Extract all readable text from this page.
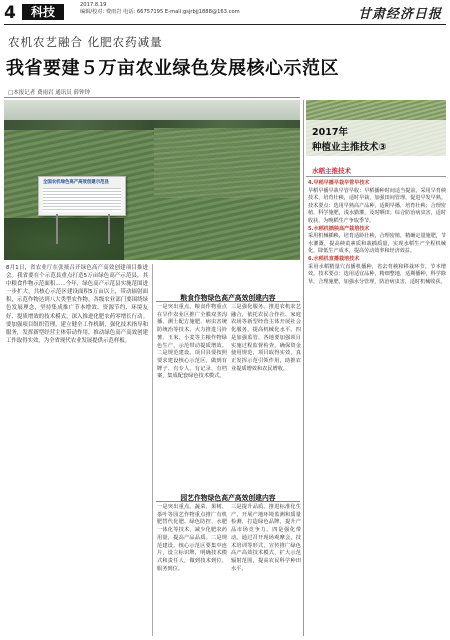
4	科技	2017.8.19
编辑/校对: 费雨岩 电话: 66757195 E-mail:gsjrbjj1888@163.com	甘肃经济日报
农机农艺融合 化肥农药减量
我省要建５万亩农业绿色发展核心示范区
□本报记者 费雨岩 通讯员 薛钟钟
全国农机绿色高产高效创建示范县
8月1日，省农业厅在张掖召开绿色高产高效创建项目推进会。我省要在个示范县重点打造5万亩绿色高产示范县，其中粮食作物示范面积......今年，绿色高产示范县实施范围进一步扩大，共核心示范区建设面积5万亩以上，带动辐射面积，示范作物达到八大类型农作物。各级农业部门要围绕绿色发展理念，坚持集成推广节本增效、资源节约、环境友好、提质增效的技术模式，深入推进化肥农药零增长行动。要加强项目组织管理，建立健全工作机制，强化技术指导和服务，发挥新型经营主体带动作用，推动绿色高产高效创建工作取得实效，为全省现代农业发展提供示范样板。
粮食作物绿色高产高效创建内容
一是突出重点。粮食作物重点在旱作农业区推广全膜双垄沟播、测土配方施肥、病虫害统防统治等技术，大力推进马铃薯、玉米、小麦等主粮作物绿色生产，示范带动提质增效。二是规范建设。项目县要按照要求建设核心示范区，做到有牌子、有专人、有记录、有档案，集成配套绿色技术模式。
三是强化服务。推进农机农艺融合，依托农民合作社、家庭农场等新型经营主体开展社会化服务，提高机械化水平。四是加强监管。各地要加强项目实施过程监督检查，确保资金使用规范，项目取得实效，真正发挥示范引领作用，助推农业提质增效和农民增收。
园艺作物绿色高产高效创建内容
一是突出重点。蔬菜、果树、茶叶等园艺作物重点推广有机肥替代化肥、绿色防控、水肥一体化等技术，减少化肥农药用量，提高产品品质。二是规范建设。核心示范区要集中连片，设立标识牌，明确技术模式和责任人，做到技术到位、服务到位。
三是提升品质。推进标准化生产，开展产地环境监测和质量检测，打造绿色品牌，提升产品市场竞争力。四是强化带动。通过召开现场观摩会、技术培训等形式，宣传推广绿色高产高效技术模式，扩大示范辐射范围，提高农民科学种田水平。
2017年
种植业主推技术③
水稻主推技术
4.早稻早播早栽早管早技术
早稻早播早栽早管早收：早稻播种时间适当提前，采用旱育秧技术，培育壮秧，适时早栽，加强田间管理，促进早发早熟。技术要点：选用早熟高产品种，适期早播，培育壮秧；合理密植，科学施肥，浅水勤灌，及时晒田；综合防治病虫害，适时收获，为晚稻生产争取季节。
5.水稻机插秧高产栽培技术
采用机械插秧，培育适龄壮秧，合理密植，精确定量施肥，节水灌溉，提高秧苗素质和栽插质量，实现水稻生产全程机械化，降低生产成本，提高劳动效率和经济效益。
6.水稻机直播栽培技术
采用水稻精量穴直播机播种，省去育秧和移栽环节，节本增效。技术要点：选用适宜品种，精细整地，适期播种，科学除草，合理施肥，加强水分管理，防治病虫害，适时机械收获。
